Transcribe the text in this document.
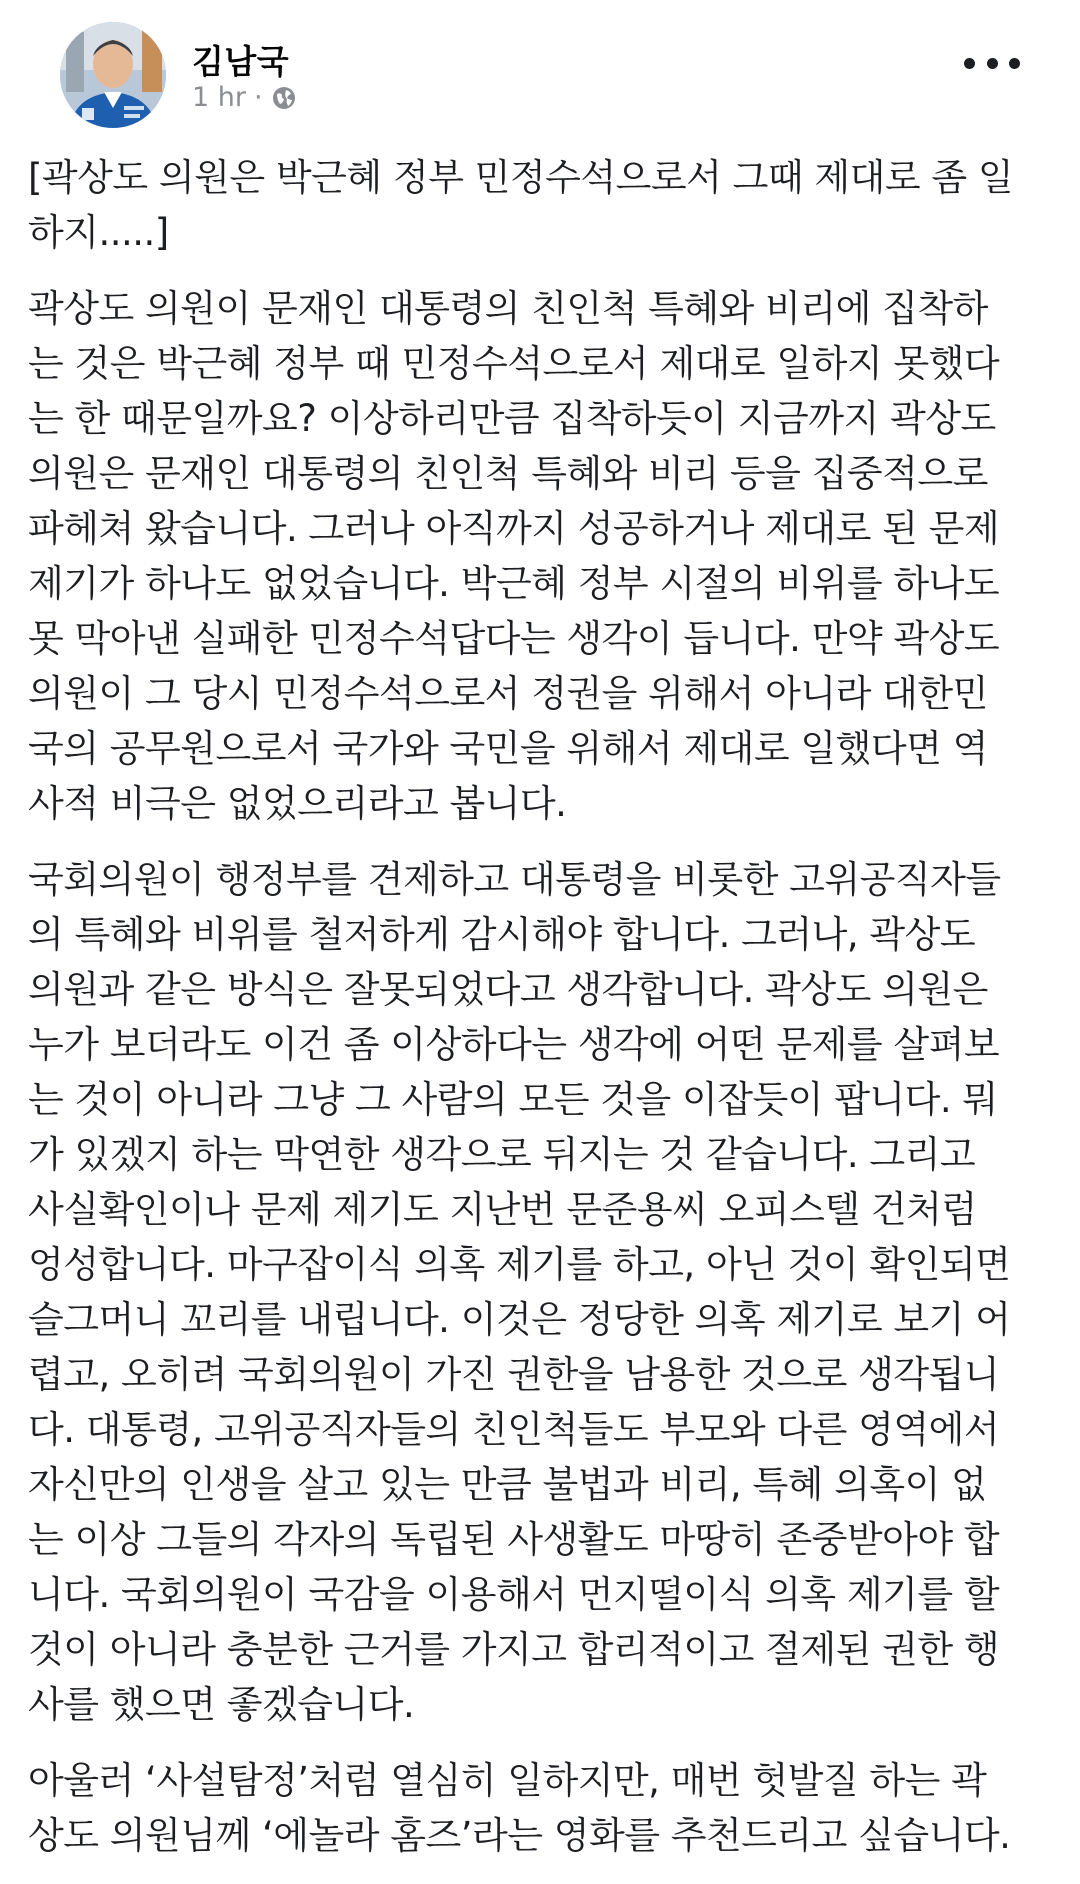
김남국
1 hr ·

[곽상도 의원은 박근혜 정부 민정수석으로서 그때 제대로 좀 일
하지.....]

곽상도 의원이 문재인 대통령의 친인척 특혜와 비리에 집착하
는 것은 박근혜 정부 때 민정수석으로서 제대로 일하지 못했다
는 한 때문일까요? 이상하리만큼 집착하듯이 지금까지 곽상도
의원은 문재인 대통령의 친인척 특혜와 비리 등을 집중적으로
파헤쳐 왔습니다. 그러나 아직까지 성공하거나 제대로 된 문제
제기가 하나도 없었습니다. 박근혜 정부 시절의 비위를 하나도
못 막아낸 실패한 민정수석답다는 생각이 듭니다. 만약 곽상도
의원이 그 당시 민정수석으로서 정권을 위해서 아니라 대한민
국의 공무원으로서 국가와 국민을 위해서 제대로 일했다면 역
사적 비극은 없었으리라고 봅니다.

국회의원이 행정부를 견제하고 대통령을 비롯한 고위공직자들
의 특혜와 비위를 철저하게 감시해야 합니다. 그러나, 곽상도
의원과 같은 방식은 잘못되었다고 생각합니다. 곽상도 의원은
누가 보더라도 이건 좀 이상하다는 생각에 어떤 문제를 살펴보
는 것이 아니라 그냥 그 사람의 모든 것을 이잡듯이 팝니다. 뭐
가 있겠지 하는 막연한 생각으로 뒤지는 것 같습니다. 그리고
사실확인이나 문제 제기도 지난번 문준용씨 오피스텔 건처럼
엉성합니다. 마구잡이식 의혹 제기를 하고, 아닌 것이 확인되면
슬그머니 꼬리를 내립니다. 이것은 정당한 의혹 제기로 보기 어
렵고, 오히려 국회의원이 가진 권한을 남용한 것으로 생각됩니
다. 대통령, 고위공직자들의 친인척들도 부모와 다른 영역에서
자신만의 인생을 살고 있는 만큼 불법과 비리, 특혜 의혹이 없
는 이상 그들의 각자의 독립된 사생활도 마땅히 존중받아야 합
니다. 국회의원이 국감을 이용해서 먼지떨이식 의혹 제기를 할
것이 아니라 충분한 근거를 가지고 합리적이고 절제된 권한 행
사를 했으면 좋겠습니다.

아울러 ‘사설탐정’처럼 열심히 일하지만, 매번 헛발질 하는 곽
상도 의원님께 ‘에놀라 홈즈’라는 영화를 추천드리고 싶습니다.
